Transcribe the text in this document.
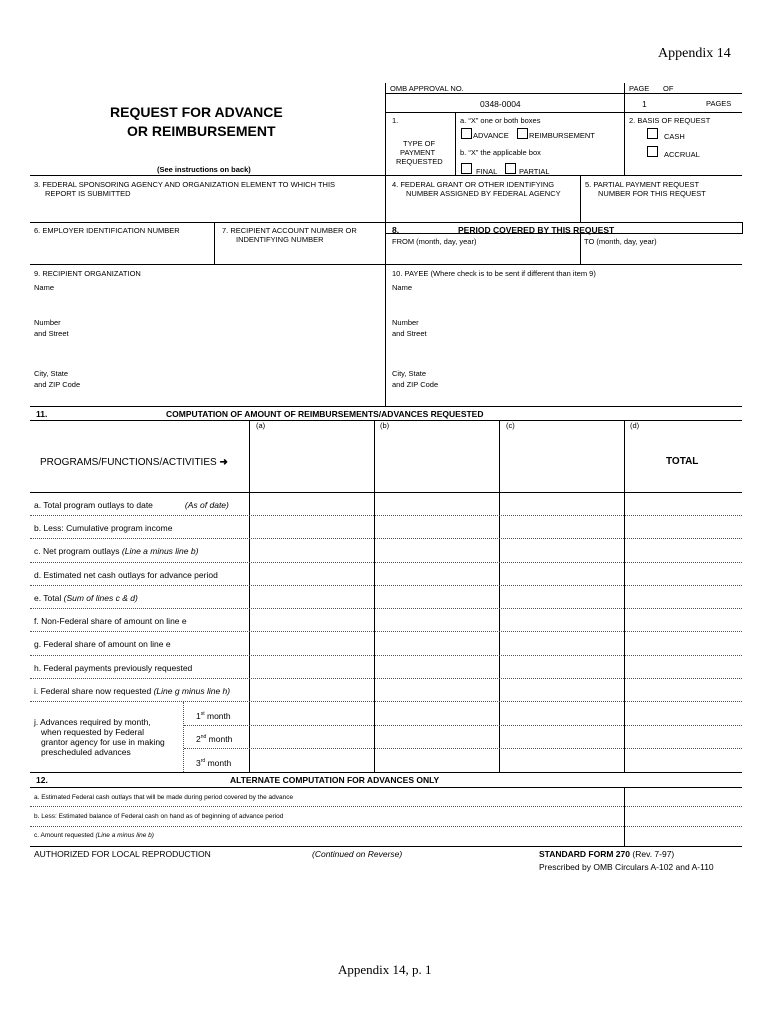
Appendix 14
OMB APPROVAL NO.
0348-0004
PAGE OF
1	PAGES
REQUEST FOR ADVANCE
OR REIMBURSEMENT
(See instructions on back)
1.
TYPE OF
PAYMENT
REQUESTED
a. “X” one or both boxes
ADVANCE	REIMBURSEMENT
b. “X” the applicable box
FINAL	PARTIAL
2. BASIS OF REQUEST
CASH
ACCRUAL
3. FEDERAL SPONSORING AGENCY AND ORGANIZATION ELEMENT TO WHICH THIS
REPORT IS SUBMITTED
4. FEDERAL GRANT OR OTHER IDENTIFYING
NUMBER ASSIGNED BY FEDERAL AGENCY
5. PARTIAL PAYMENT REQUEST
NUMBER FOR THIS REQUEST
6. EMPLOYER IDENTIFICATION NUMBER	7. RECIPIENT ACCOUNT NUMBER OR
INDENTIFYING NUMBER
8.	PERIOD COVERED BY THIS REQUEST
FROM (month, day, year)	TO (month, day, year)
9. RECIPIENT ORGANIZATION
Name
Number
and Street
City, State
and ZIP Code
10. PAYEE (Where check is to be sent if different than item 9)
Name
Number
and Street
City, State
and ZIP Code
11.	COMPUTATION OF AMOUNT OF REIMBURSEMENTS/ADVANCES REQUESTED
(a)	(b)	(c)	(d)
PROGRAMS/FUNCTIONS/ACTIVITIES ➜	TOTAL
a. Total program outlays to date	(As of date)
b. Less: Cumulative program income
c. Net program outlays (Line a minus line b)
d. Estimated net cash outlays for advance period
e. Total (Sum of lines c & d)
f. Non-Federal share of amount on line e
g. Federal share of amount on line e
h. Federal payments previously requested
i. Federal share now requested (Line g minus line h)
j. Advances required by month,
when requested by Federal
grantor agency for use in making
prescheduled advances
1st month
2nd month
3rd month
12.	ALTERNATE COMPUTATION FOR ADVANCES ONLY
a. Estimated Federal cash outlays that will be made during period covered by the advance
b. Less: Estimated balance of Federal cash on hand as of beginning of advance period
c. Amount requested (Line a minus line b)
AUTHORIZED FOR LOCAL REPRODUCTION	(Continued on Reverse)	STANDARD FORM 270 (Rev. 7-97)
Prescribed by OMB Circulars A-102 and A-110
Appendix 14, p. 1
